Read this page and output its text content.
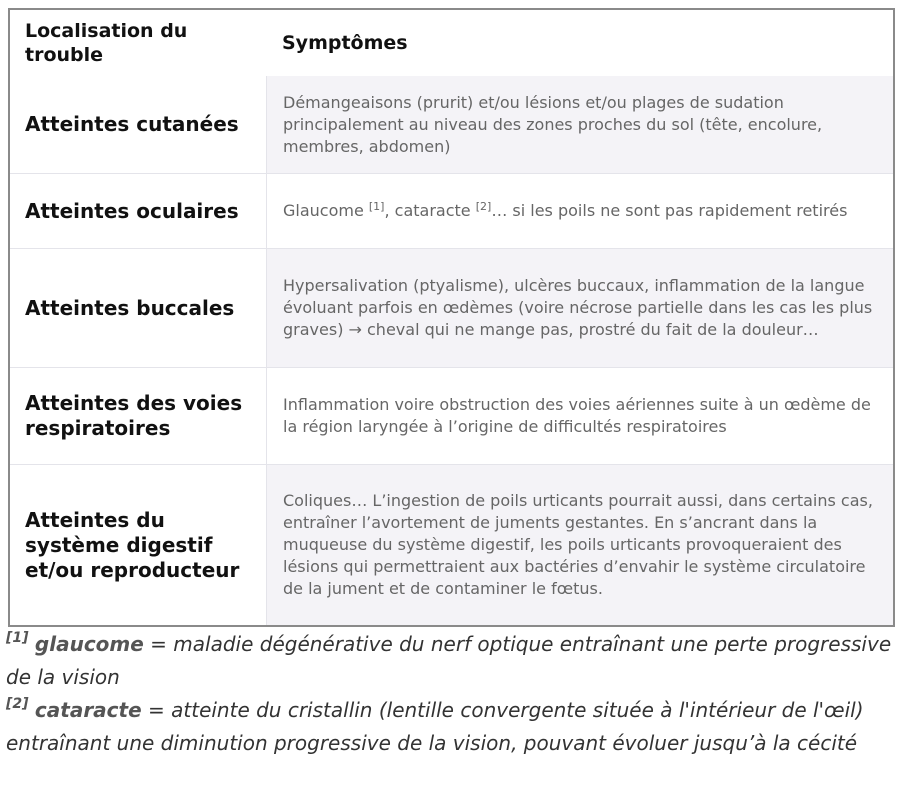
Localisation du trouble
Symptômes
Atteintes cutanées
Démangeaisons (prurit) et/ou lésions et/ou plages de sudation principalement au niveau des zones proches du sol (tête, encolure, membres, abdomen)
Atteintes oculaires	Glaucome [1], cataracte [2]… si les poils ne sont pas rapidement retirés
Atteintes buccales
Hypersalivation (ptyalisme), ulcères buccaux, inflammation de la langue évoluant parfois en œdèmes (voire nécrose partielle dans les cas les plus graves) → cheval qui ne mange pas, prostré du fait de la douleur…
Atteintes des voies respiratoires
Inflammation voire obstruction des voies aériennes suite à un œdème de la région laryngée à l’origine de difficultés respiratoires
Atteintes du système digestif et/ou reproducteur
Coliques… L’ingestion de poils urticants pourrait aussi, dans certains cas, entraîner l’avortement de juments gestantes. En s’ancrant dans la muqueuse du système digestif, les poils urticants provoqueraient des lésions qui permettraient aux bactéries d’envahir le système circulatoire de la jument et de contaminer le fœtus.
[1] glaucome = maladie dégénérative du nerf optique entraînant une perte progressive de la vision
[2] cataracte = atteinte du cristallin (lentille convergente située à l'intérieur de l'œil) entraînant une diminution progressive de la vision, pouvant évoluer jusqu’à la cécité
